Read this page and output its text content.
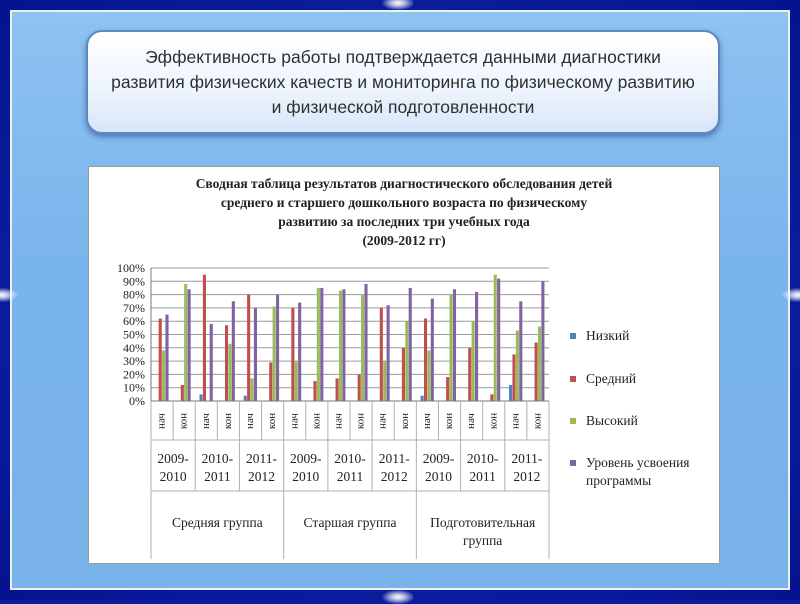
Эффективность работы подтверждается данными диагностики развития физических качеств и мониторинга по физическому развитию и физической подготовленности

Сводная таблица результатов диагностического обследования детей
среднего и старшего дошкольного возраста по физическому
развитию за последних три учебных года
(2009-2012 гг)
0%
10%
20%
30%
40%
50%
60%
70%
80%
90%
100%
нач кон нач кон нач кон нач кон нач кон нач кон нач кон нач кон нач кон
2009-
2010
2010-
2011
2011-
2012
2009-
2010
2010-
2011
2011-
2012
2009-
2010
2010-
2011
2011-
2012
Средняя группа	Старшая группа Подготовительная
группа
Низкий
Средний
Высокий
Уровень усвоения
программы
